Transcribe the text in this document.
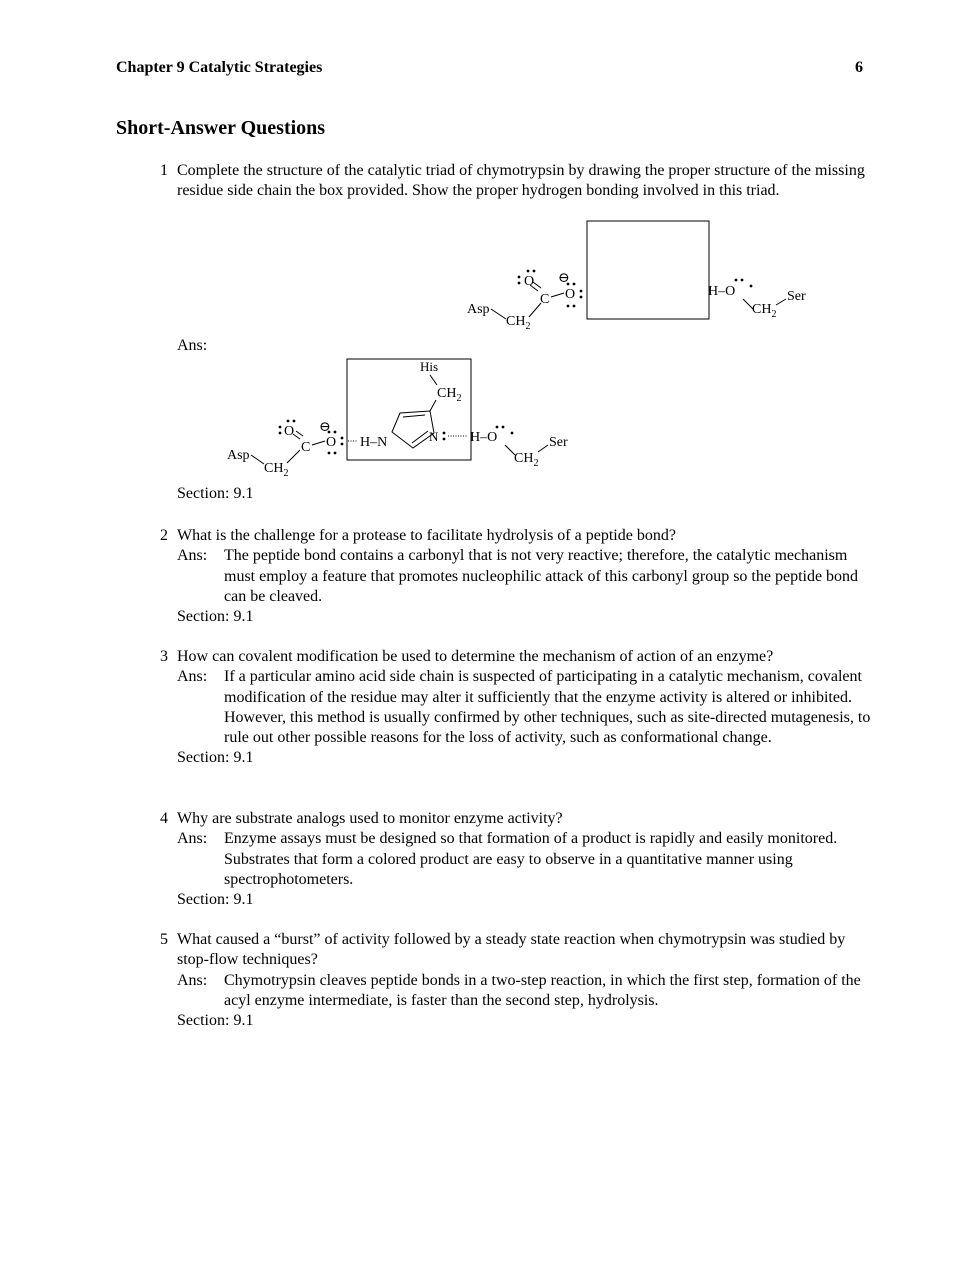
Chapter 9 Catalytic Strategies	6
Short-Answer Questions
1 Complete the structure of the catalytic triad of chymotrypsin by drawing the proper structure of the missing residue side chain the box provided. Show the proper hydrogen bonding involved in this triad.
Asp
$CH_2$
C
O
O
⊖
H–O
$CH_2$
Ser
Ans:
His
$CH_2$
Asp
$CH_2$
C
O
O
⊖
H–N	N H–O
$CH_2$
Ser
Section: 9.1
2 What is the challenge for a protease to facilitate hydrolysis of a peptide bond?
Ans:	The peptide bond contains a carbonyl that is not very reactive; therefore, the catalytic mechanism must employ a feature that promotes nucleophilic attack of this carbonyl group so the peptide bond can be cleaved.
Section: 9.1
3 How can covalent modification be used to determine the mechanism of action of an enzyme?
Ans:	If a particular amino acid side chain is suspected of participating in a catalytic mechanism, covalent modification of the residue may alter it sufficiently that the enzyme activity is altered or inhibited. However, this method is usually confirmed by other techniques, such as site-directed mutagenesis, to rule out other possible reasons for the loss of activity, such as conformational change.
Section: 9.1
4 Why are substrate analogs used to monitor enzyme activity?
Ans:	Enzyme assays must be designed so that formation of a product is rapidly and easily monitored. Substrates that form a colored product are easy to observe in a quantitative manner using spectrophotometers.
Section: 9.1
5 What caused a “burst” of activity followed by a steady state reaction when chymotrypsin was studied by stop-flow techniques?
Ans:	Chymotrypsin cleaves peptide bonds in a two-step reaction, in which the first step, formation of the acyl enzyme intermediate, is faster than the second step, hydrolysis.
Section: 9.1
